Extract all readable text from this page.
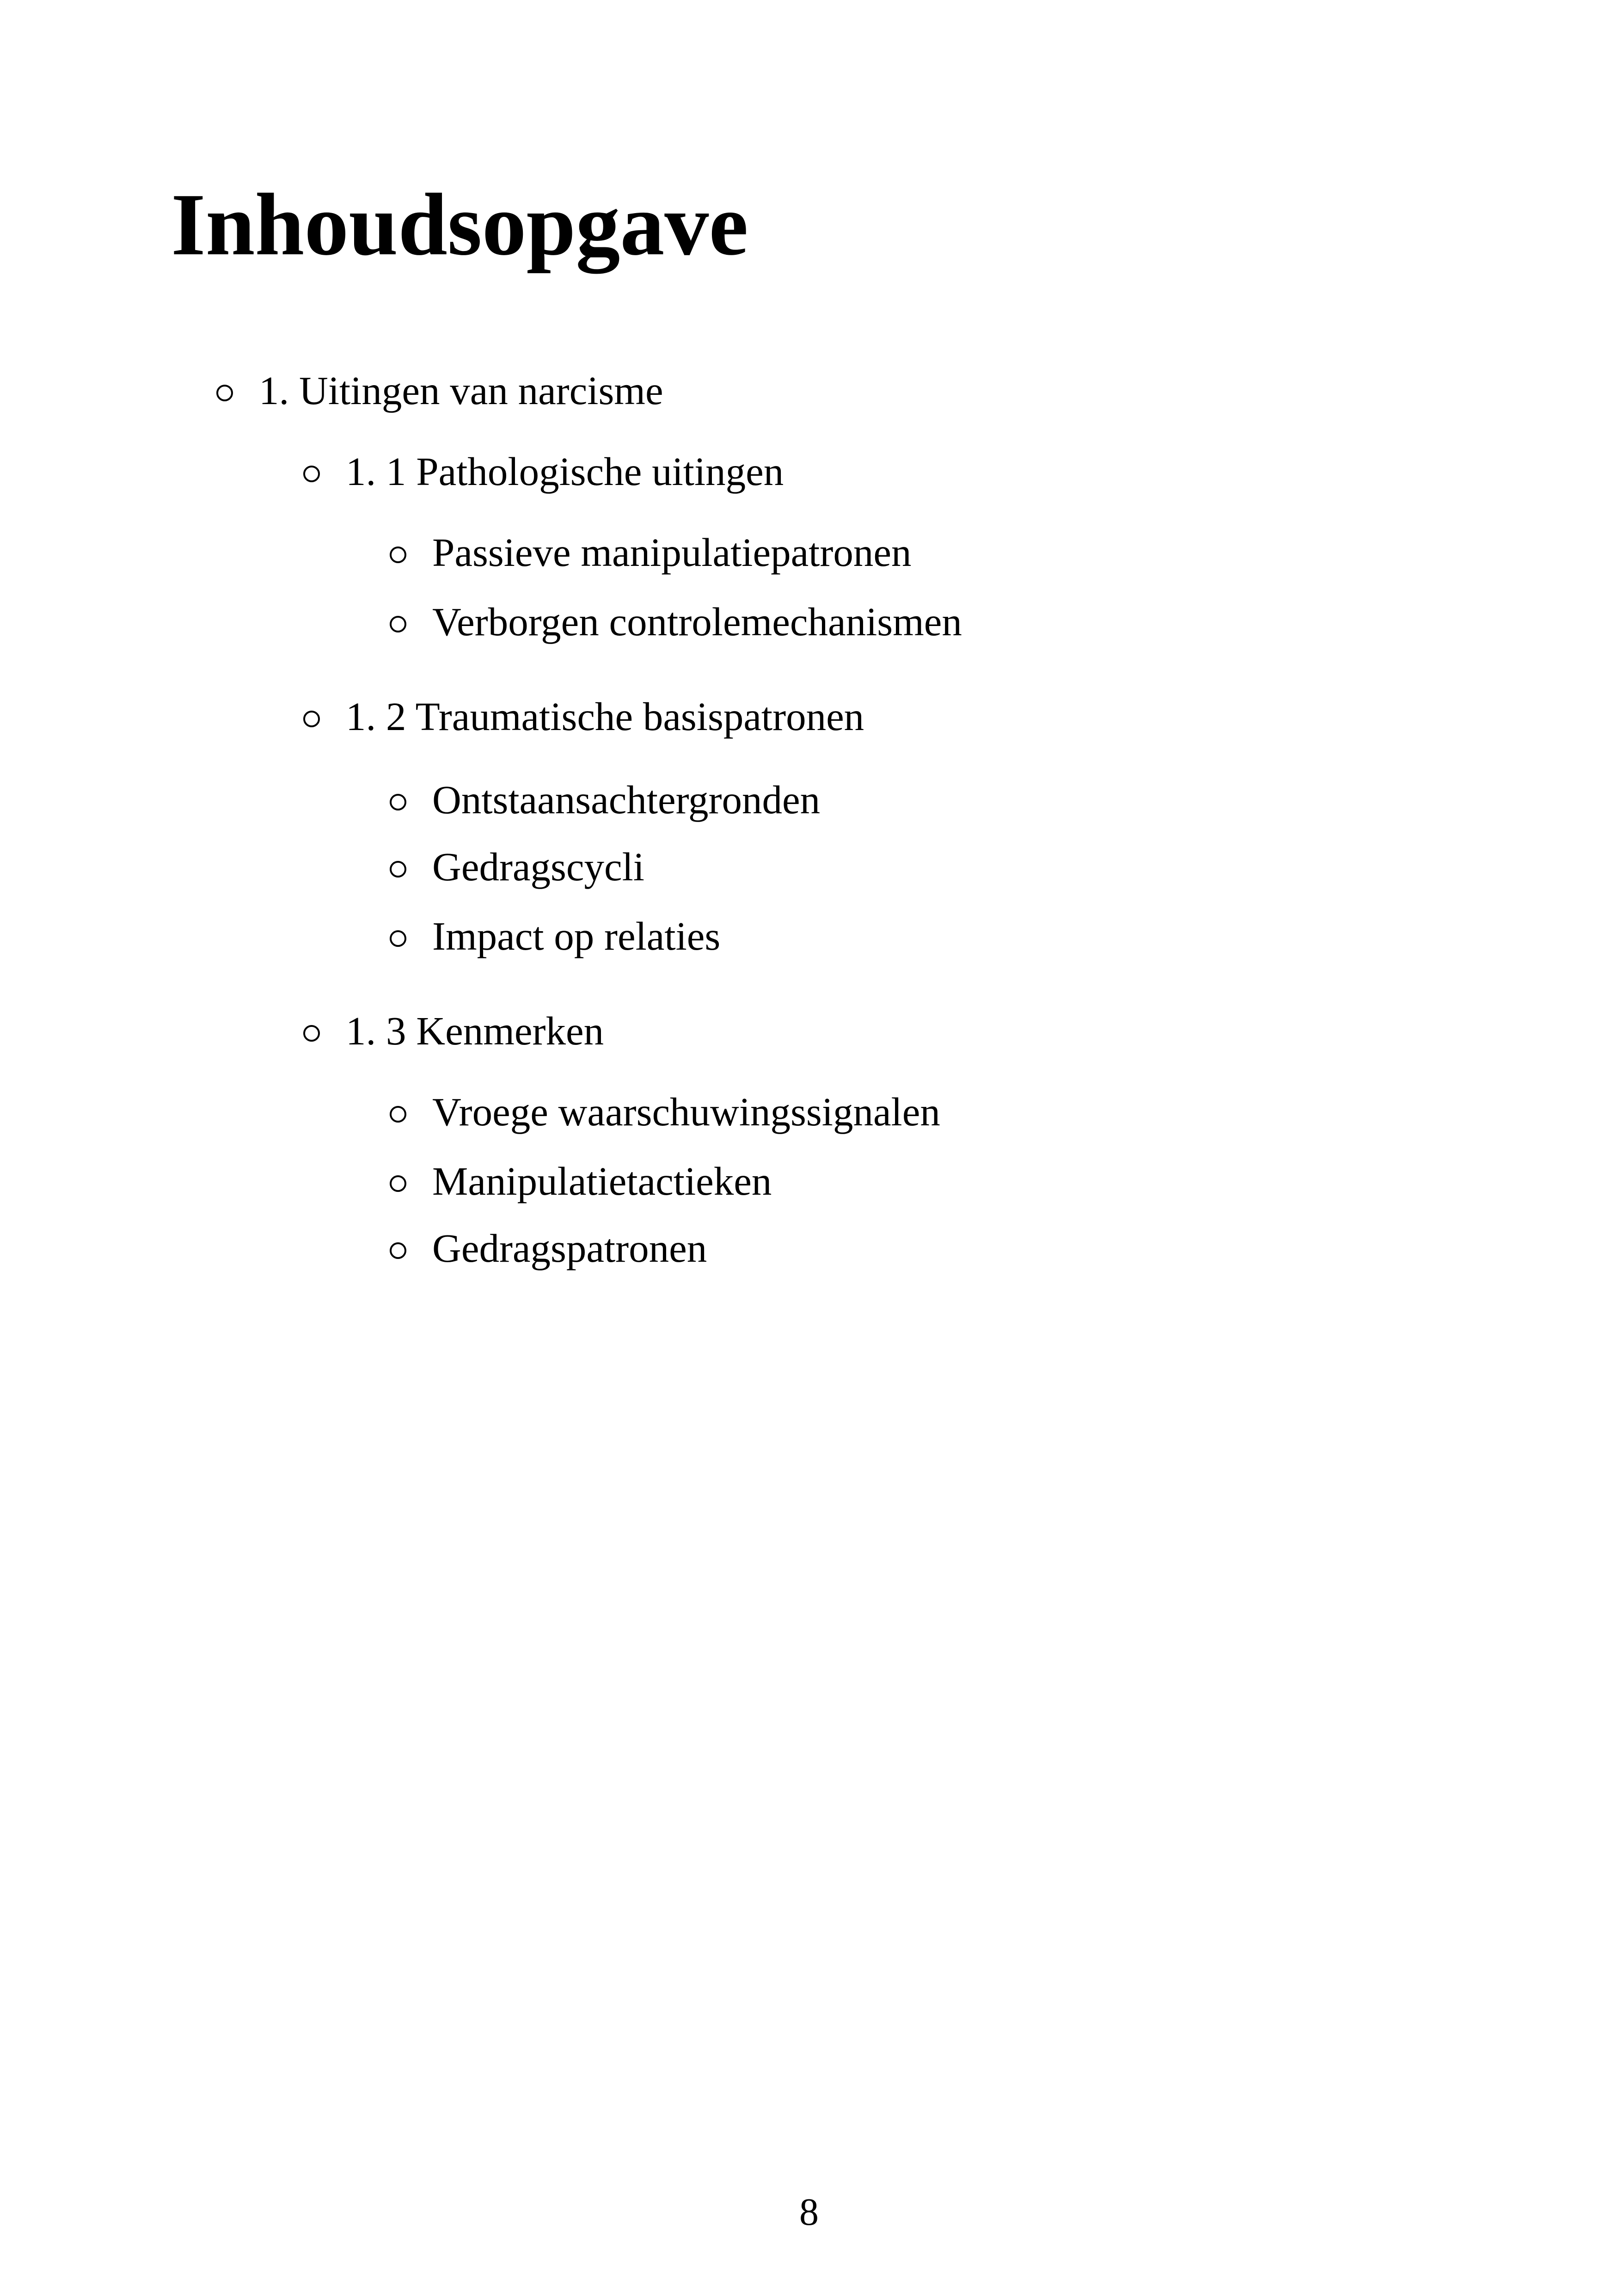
Inhoudsopgave
1. Uitingen van narcisme
1. 1 Pathologische uitingen
Passieve manipulatiepatronen
Verborgen controlemechanismen
1. 2 Traumatische basispatronen
Ontstaansachtergronden
Gedragscycli
Impact op relaties
1. 3 Kenmerken
Vroege waarschuwingssignalen
Manipulatietactieken
Gedragspatronen
8
